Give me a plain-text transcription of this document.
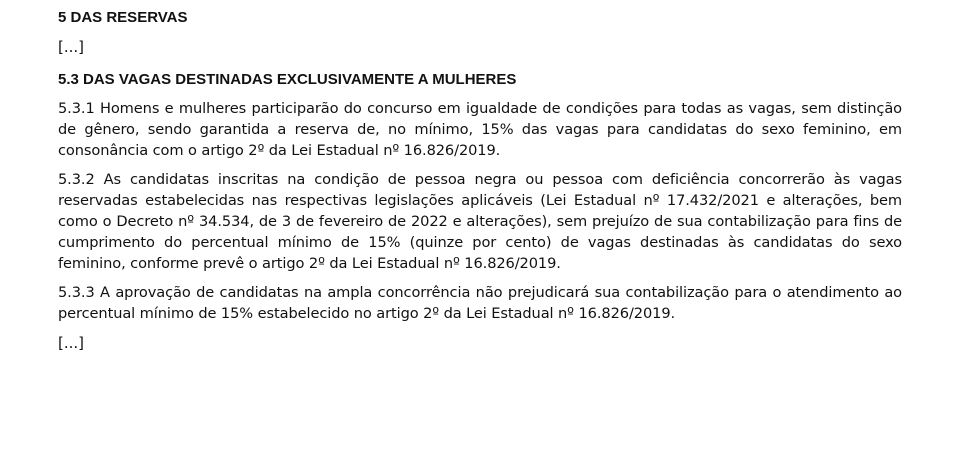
5 DAS RESERVAS

[...]

5.3 DAS VAGAS DESTINADAS EXCLUSIVAMENTE A MULHERES

5.3.1 Homens e mulheres participarão do concurso em igualdade de condições para todas as vagas, sem distinção de gênero, sendo garantida a reserva de, no mínimo, 15% das vagas para candidatas do sexo feminino, em consonância com o artigo 2º da Lei Estadual nº 16.826/2019.

5.3.2 As candidatas inscritas na condição de pessoa negra ou pessoa com deficiência concorrerão às vagas reservadas estabelecidas nas respectivas legislações aplicáveis (Lei Estadual nº 17.432/2021 e alterações, bem como o Decreto nº 34.534, de 3 de fevereiro de 2022 e alterações), sem prejuízo de sua contabilização para fins de cumprimento do percentual mínimo de 15% (quinze por cento) de vagas destinadas às candidatas do sexo feminino, conforme prevê o artigo 2º da Lei Estadual nº 16.826/2019.

5.3.3 A aprovação de candidatas na ampla concorrência não prejudicará sua contabilização para o atendimento ao percentual mínimo de 15% estabelecido no artigo 2º da Lei Estadual nº 16.826/2019.

[...]
